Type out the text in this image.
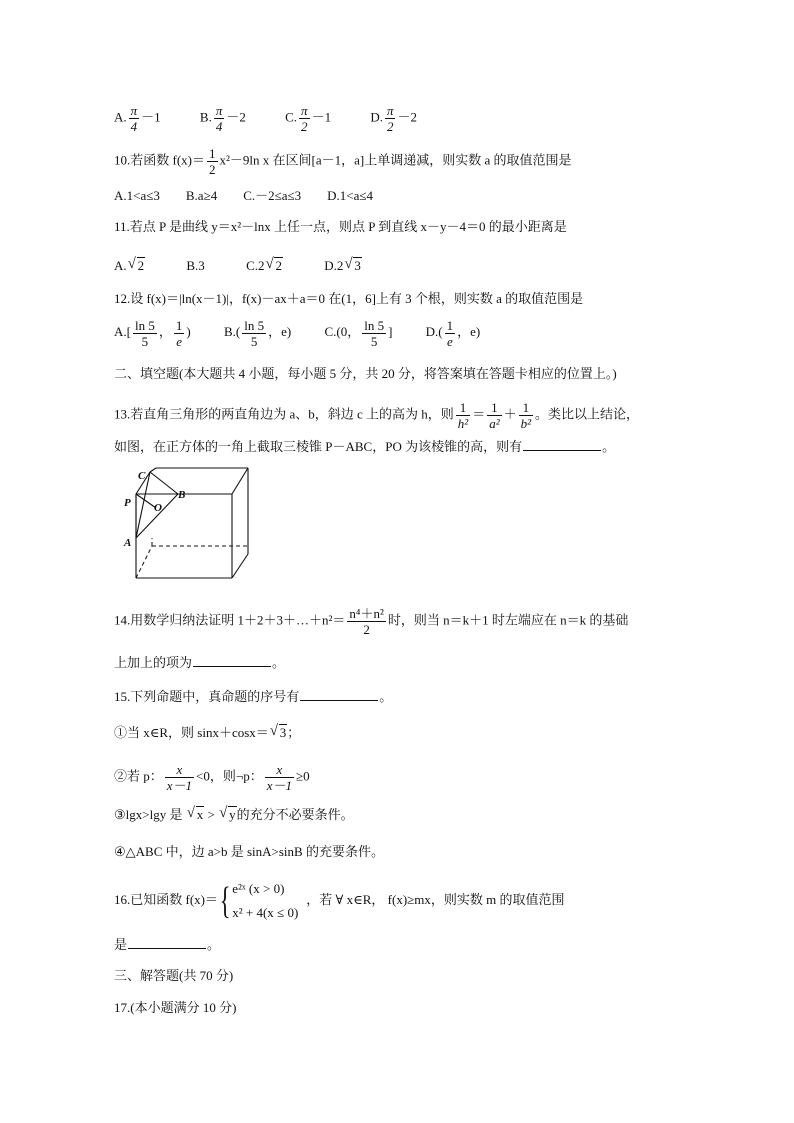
A. $\frac{\pi}{4} -1$	B. $\frac{\pi}{4} -2$	C. $\frac{\pi}{2} -1$	D. $\frac{\pi}{2} -2$
10.若函数 $f(x)= \frac{1}{2} x^2-9\ln$ x 在区间[a－1，a]上单调递减，则实数 a 的取值范围是
A.1<a≤3　　B.a≥4　　C.－2≤a≤3　　D.1<a≤4
11.若点 P 是曲线 y＝x²－lnx 上任一点，则点 P 到直线 x－y－4＝0 的最小距离是
A. √ 2	B.3	C.2 √ 2	D.2 √ 3
12.设 f(x)＝|ln(x－1)|，f(x)－ax＋a＝0 在(1，6]上有 3 个根，则实数 a 的取值范围是
$A.[ \frac{\ln 5}{5}$ ， $\frac{1}{e}$ )	$B.( \frac{\ln 5}{5}$ ，e)	C.(0， $\frac{\ln 5}{5}$ ]	$D.( \frac{1}{e}$ ，e)
二、填空题(本大题共 4 小题，每小题 5 分，共 20 分，将答案填在答题卡相应的位置上。)
13.若直角三角形的两直角边为 a、b，斜边 c 上的高为 h，则 $\frac{1}{\text{h²}} = \frac{1}{\text{a²}} + \frac{1}{\text{b²}}$ 。类比以上结论，
如图，在正方体的一角上截取三棱锥 P－ABC，PO 为该棱锥的高，则有	。
C
P O
B
A
14.用数学归纳法证明 1＋2＋3＋…＋n²＝ $\frac{\text{n⁴＋n²}}{2}$ 时，则当 n＝k＋1 时左端应在 n＝k 的基础
上加上的项为	。
15.下列命题中，真命题的序号有	。
①当 x∈R，则 sinx＋cosx＝ √ 3；
②若 p： $\frac{x}{x-1} <0$，则¬p： $\frac{x}{x-1} \ge 0$
③lgx>lgy 是 √ x > √ y的充分不必要条件。
④△ABC 中，边 a>b 是 sinA>sinB 的充要条件。
16.已知函数 f(x)＝{ e²ˣ (x > 0)
x² + 4(x ≤ 0)
，若 ∀ x∈R， f(x)≥mx，则实数 m 的取值范围
是	。
三、解答题(共 70 分)
17.(本小题满分 10 分)
